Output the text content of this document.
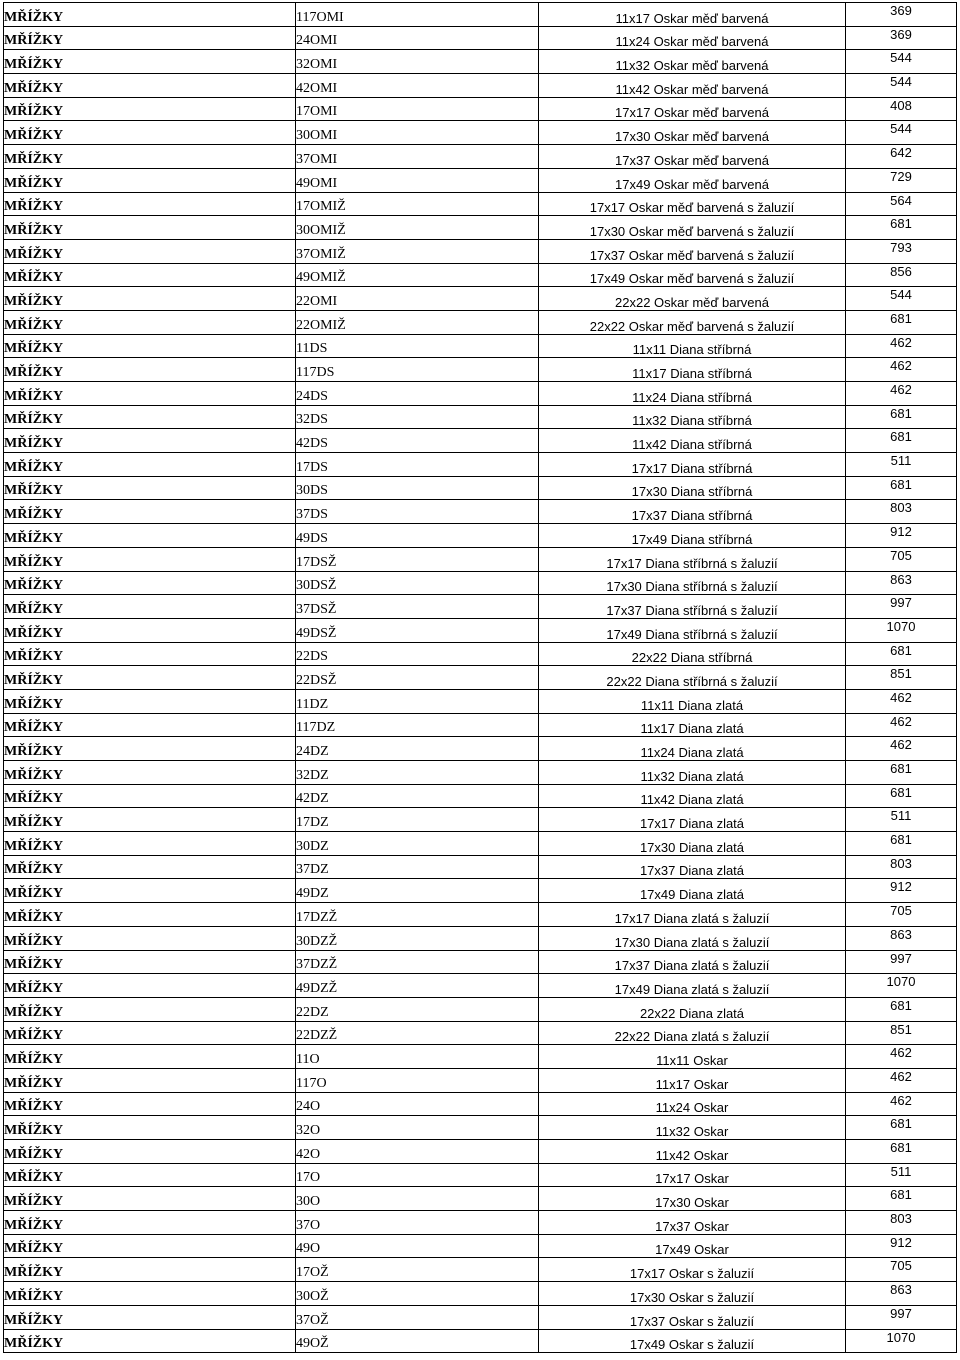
MŘÍŽKY	117OMI	11x17 Oskar měď barvená	369
MŘÍŽKY	24OMI	11x24 Oskar měď barvená	369
MŘÍŽKY	32OMI	11x32 Oskar měď barvená	544
MŘÍŽKY	42OMI	11x42 Oskar měď barvená	544
MŘÍŽKY	17OMI	17x17 Oskar měď barvená	408
MŘÍŽKY	30OMI	17x30 Oskar měď barvená	544
MŘÍŽKY	37OMI	17x37 Oskar měď barvená	642
MŘÍŽKY	49OMI	17x49 Oskar měď barvená	729
MŘÍŽKY	17OMIŽ	17x17 Oskar měď barvená s žaluzií	564
MŘÍŽKY	30OMIŽ	17x30 Oskar měď barvená s žaluzií	681
MŘÍŽKY	37OMIŽ	17x37 Oskar měď barvená s žaluzií	793
MŘÍŽKY	49OMIŽ	17x49 Oskar měď barvená s žaluzií	856
MŘÍŽKY	22OMI	22x22 Oskar měď barvená	544
MŘÍŽKY	22OMIŽ	22x22 Oskar měď barvená s žaluzií	681
MŘÍŽKY	11DS	11x11 Diana stříbrná	462
MŘÍŽKY	117DS	11x17 Diana stříbrná	462
MŘÍŽKY	24DS	11x24 Diana stříbrná	462
MŘÍŽKY	32DS	11x32 Diana stříbrná	681
MŘÍŽKY	42DS	11x42 Diana stříbrná	681
MŘÍŽKY	17DS	17x17 Diana stříbrná	511
MŘÍŽKY	30DS	17x30 Diana stříbrná	681
MŘÍŽKY	37DS	17x37 Diana stříbrná	803
MŘÍŽKY	49DS	17x49 Diana stříbrná	912
MŘÍŽKY	17DSŽ	17x17 Diana stříbrná s žaluzií	705
MŘÍŽKY	30DSŽ	17x30 Diana stříbrná s žaluzií	863
MŘÍŽKY	37DSŽ	17x37 Diana stříbrná s žaluzií	997
MŘÍŽKY	49DSŽ	17x49 Diana stříbrná s žaluzií	1070
MŘÍŽKY	22DS	22x22 Diana stříbrná	681
MŘÍŽKY	22DSŽ	22x22 Diana stříbrná s žaluzií	851
MŘÍŽKY	11DZ	11x11 Diana zlatá	462
MŘÍŽKY	117DZ	11x17 Diana zlatá	462
MŘÍŽKY	24DZ	11x24 Diana zlatá	462
MŘÍŽKY	32DZ	11x32 Diana zlatá	681
MŘÍŽKY	42DZ	11x42 Diana zlatá	681
MŘÍŽKY	17DZ	17x17 Diana zlatá	511
MŘÍŽKY	30DZ	17x30 Diana zlatá	681
MŘÍŽKY	37DZ	17x37 Diana zlatá	803
MŘÍŽKY	49DZ	17x49 Diana zlatá	912
MŘÍŽKY	17DZŽ	17x17 Diana zlatá s žaluzií	705
MŘÍŽKY	30DZŽ	17x30 Diana zlatá s žaluzií	863
MŘÍŽKY	37DZŽ	17x37 Diana zlatá s žaluzií	997
MŘÍŽKY	49DZŽ	17x49 Diana zlatá s žaluzií	1070
MŘÍŽKY	22DZ	22x22 Diana zlatá	681
MŘÍŽKY	22DZŽ	22x22 Diana zlatá s žaluzií	851
MŘÍŽKY	11O	11x11 Oskar	462
MŘÍŽKY	117O	11x17 Oskar	462
MŘÍŽKY	24O	11x24 Oskar	462
MŘÍŽKY	32O	11x32 Oskar	681
MŘÍŽKY	42O	11x42 Oskar	681
MŘÍŽKY	17O	17x17 Oskar	511
MŘÍŽKY	30O	17x30 Oskar	681
MŘÍŽKY	37O	17x37 Oskar	803
MŘÍŽKY	49O	17x49 Oskar	912
MŘÍŽKY	17OŽ	17x17 Oskar s žaluzií	705
MŘÍŽKY	30OŽ	17x30 Oskar s žaluzií	863
MŘÍŽKY	37OŽ	17x37 Oskar s žaluzií	997
MŘÍŽKY	49OŽ	17x49 Oskar s žaluzií	1070
